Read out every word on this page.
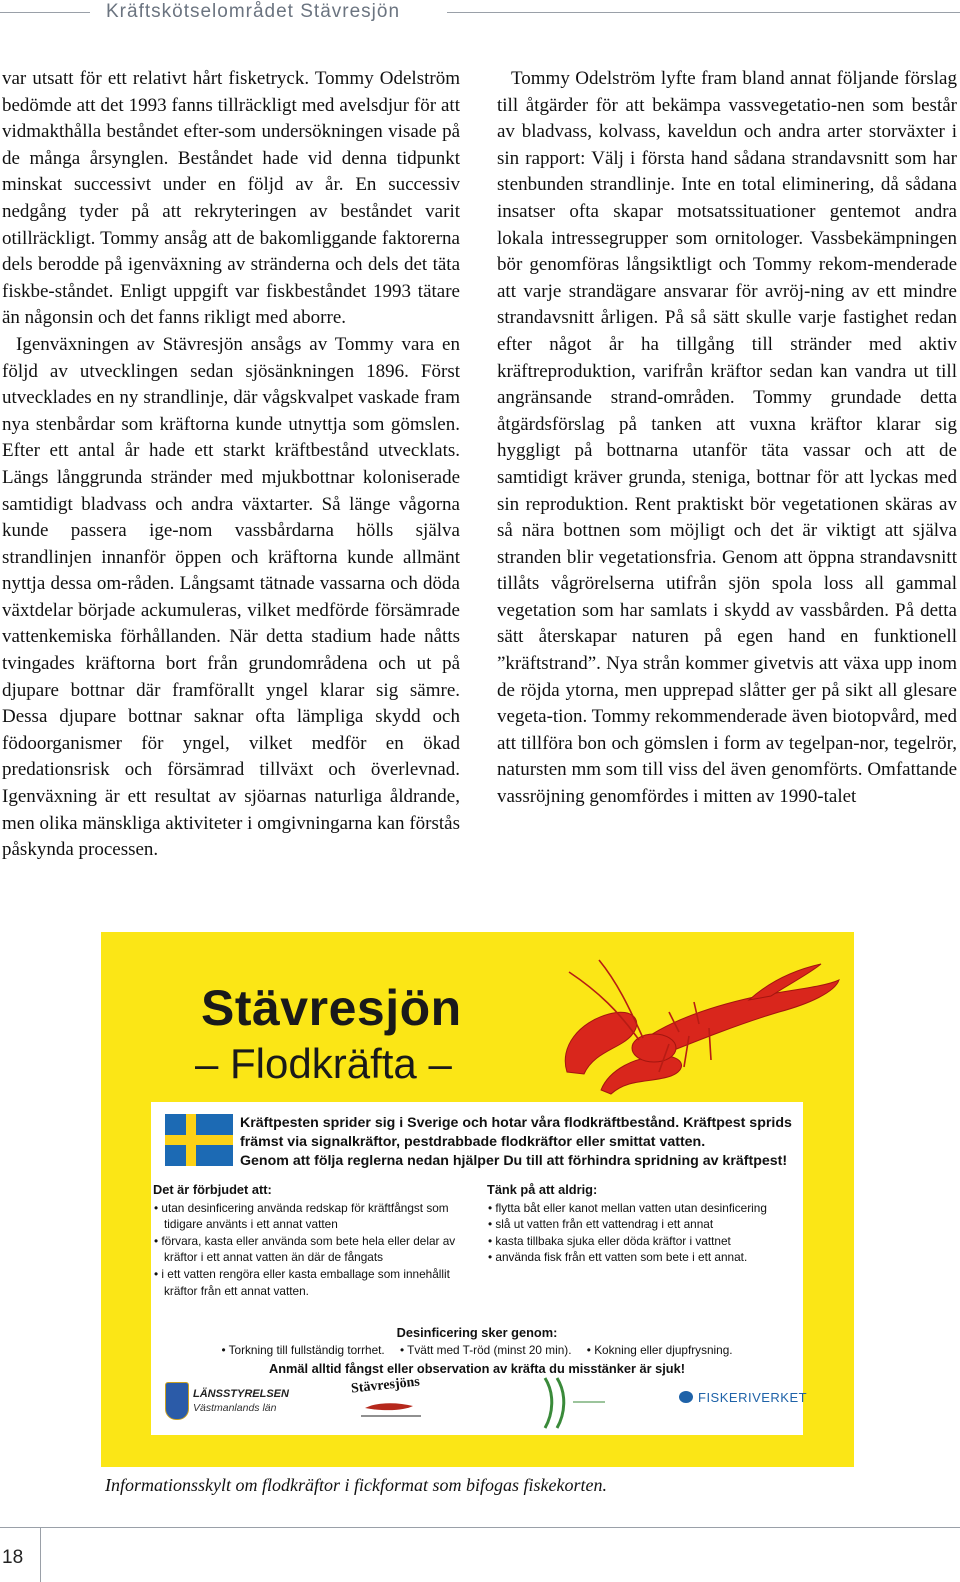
Kräftskötselområdet Stävresjön

var utsatt för ett relativt hårt fisketryck. Tommy Odelström bedömde att det 1993 fanns tillräckligt med avelsdjur för att vidmakthålla beståndet efter-som undersökningen visade på de många årsynglen. Beståndet hade vid denna tidpunkt minskat successivt under en följd av år. En successiv nedgång tyder på att rekryteringen av beståndet varit otillräckligt. Tommy ansåg att de bakomliggande faktorerna dels berodde på igenväxning av stränderna och dels det täta fiskbe-ståndet. Enligt uppgift var fiskbeståndet 1993 tätare än någonsin och det fanns rikligt med aborre.

Igenväxningen av Stävresjön ansågs av Tommy vara en följd av utvecklingen sedan sjösänkningen 1896. Först utvecklades en ny strandlinje, där vågskvalpet vaskade fram nya stenbårdar som kräftorna kunde utnyttja som gömslen. Efter ett antal år hade ett starkt kräftbestånd utvecklats. Längs långgrunda stränder med mjukbottnar koloniserade samtidigt bladvass och andra växtarter. Så länge vågorna kunde passera ige-nom vassbårdarna hölls själva strandlinjen innanför öppen och kräftorna kunde allmänt nyttja dessa om-råden. Långsamt tätnade vassarna och döda växtdelar började ackumuleras, vilket medförde försämrade vattenkemiska förhållanden. När detta stadium hade nåtts tvingades kräftorna bort från grundområdena och ut på djupare bottnar där framförallt yngel klarar sig sämre. Dessa djupare bottnar saknar ofta lämpliga skydd och födoorganismer för yngel, vilket medför en ökad predationsrisk och försämrad tillväxt och överlevnad. Igenväxning är ett resultat av sjöarnas naturliga åldrande, men olika mänskliga aktiviteter i omgivningarna kan förstås påskynda processen.

Tommy Odelström lyfte fram bland annat följande förslag till åtgärder för att bekämpa vassvegetatio-nen som består av bladvass, kolvass, kaveldun och andra arter storväxter i sin rapport: Välj i första hand sådana strandavsnitt som har stenbunden strandlinje. Inte en total eliminering, då sådana insatser ofta skapar motsatssituationer gentemot andra lokala intressegrupper som ornitologer. Vassbekämpningen bör genomföras långsiktligt och Tommy rekom-menderade att varje strandägare ansvarar för avröj-ning av ett mindre strandavsnitt årligen. På så sätt skulle varje fastighet redan efter något år ha tillgång till stränder med aktiv kräftreproduktion, varifrån kräftor sedan kan vandra ut till angränsande strand-områden. Tommy grundade detta åtgärdsförslag på tanken att vuxna kräftor klarar sig hyggligt på bottnarna utanför täta vassar och att de samtidigt kräver grunda, steniga, bottnar för att lyckas med sin reproduktion. Rent praktiskt bör vegetationen skäras av så nära bottnen som möjligt och det är viktigt att själva stranden blir vegetationsfria. Genom att öppna strandavsnitt tillåts vågrörelserna utifrån sjön spola loss all gammal vegetation som har samlats i skydd av vassbården. På detta sätt återskapar naturen på egen hand en funktionell ”kräftstrand”. Nya strån kommer givetvis att växa upp inom de röjda ytorna, men upprepad slåtter ger på sikt all glesare vegeta-tion. Tommy rekommenderade även biotopvård, med att tillföra bon och gömslen i form av tegelpan-nor, tegelrör, natursten mm som till viss del även genomförts. Omfattande vassröjning genomfördes i mitten av 1990-talet

Stävresjön
– Flodkräfta –
Kräftpesten sprider sig i Sverige och hotar våra flodkräftbestånd. Kräftpest sprids
främst via signalkräftor, pestdrabbade flodkräftor eller smittat vatten.
Genom att följa reglerna nedan hjälper Du till att förhindra spridning av kräftpest!
Det är förbjudet att:
• utan desinficering använda redskap för kräftfångst som tidigare använts i ett annat vatten
• förvara, kasta eller använda som bete hela eller delar av kräftor i ett annat vatten än där de fångats
• i ett vatten rengöra eller kasta emballage som innehållit kräftor från ett annat vatten.
Tänk på att aldrig:
• flytta båt eller kanot mellan vatten utan desinficering
• slå ut vatten från ett vattendrag i ett annat
• kasta tillbaka sjuka eller döda kräftor i vattnet
• använda fisk från ett vatten som bete i ett annat.
Desinficering sker genom:
• Torkning till fullständig torrhet. • Tvätt med T-röd (minst 20 min). • Kokning eller djupfrysning.
Anmäl alltid fångst eller observation av kräfta du misstänker är sjuk!
LÄNSSTYRELSEN
Västmanlands län
Stävresjöns
FISKERIVERKET
Informationsskylt om flodkräftor i fickformat som bifogas fiskekorten.
18
